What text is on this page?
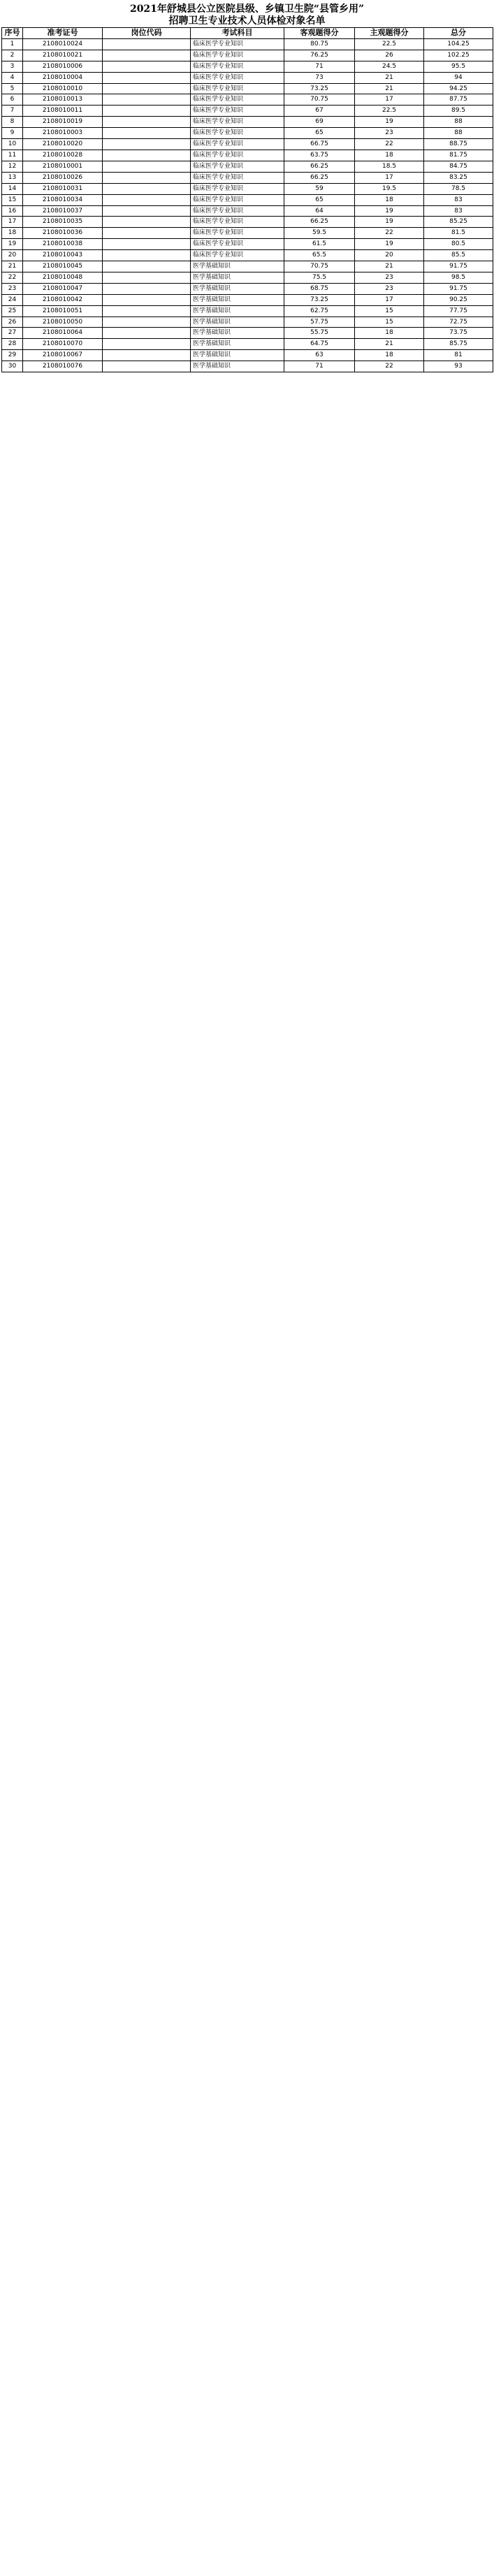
2021年舒城县公立医院县级、乡镇卫生院“县管乡用”
招聘卫生专业技术人员体检对象名单
序号	准考证号	岗位代码	考试科目	客观题得分	主观题得分	总分
1	2108010024		临床医学专业知识	80.75	22.5	104.25
2	2108010021		临床医学专业知识	76.25	26	102.25
3	2108010006		临床医学专业知识	71	24.5	95.5
4	2108010004		临床医学专业知识	73	21	94
5	2108010010		临床医学专业知识	73.25	21	94.25
6	2108010013		临床医学专业知识	70.75	17	87.75
7	2108010011		临床医学专业知识	67	22.5	89.5
8	2108010019		临床医学专业知识	69	19	88
9	2108010003		临床医学专业知识	65	23	88
10	2108010020		临床医学专业知识	66.75	22	88.75
11	2108010028		临床医学专业知识	63.75	18	81.75
12	2108010001		临床医学专业知识	66.25	18.5	84.75
13	2108010026		临床医学专业知识	66.25	17	83.25
14	2108010031		临床医学专业知识	59	19.5	78.5
15	2108010034		临床医学专业知识	65	18	83
16	2108010037		临床医学专业知识	64	19	83
17	2108010035		临床医学专业知识	66.25	19	85.25
18	2108010036		临床医学专业知识	59.5	22	81.5
19	2108010038		临床医学专业知识	61.5	19	80.5
20	2108010043		临床医学专业知识	65.5	20	85.5
21	2108010045		医学基础知识	70.75	21	91.75
22	2108010048		医学基础知识	75.5	23	98.5
23	2108010047		医学基础知识	68.75	23	91.75
24	2108010042		医学基础知识	73.25	17	90.25
25	2108010051		医学基础知识	62.75	15	77.75
26	2108010050		医学基础知识	57.75	15	72.75
27	2108010064		医学基础知识	55.75	18	73.75
28	2108010070		医学基础知识	64.75	21	85.75
29	2108010067		医学基础知识	63	18	81
30	2108010076		医学基础知识	71	22	93
